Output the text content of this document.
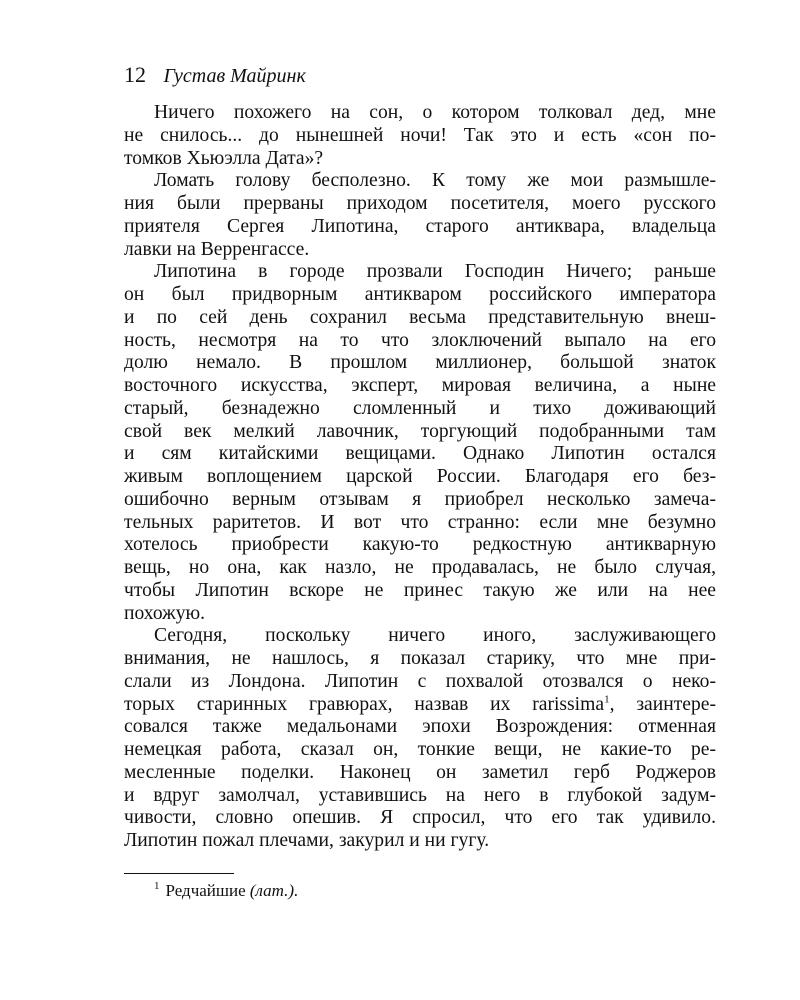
12 Густав Майринк
Ничего похожего на сон, о котором толковал дед, мне
не снилось... до нынешней ночи! Так это и есть «сон по-
томков Хьюэлла Дата»?
Ломать голову бесполезно. К тому же мои размышле-
ния были прерваны приходом посетителя, моего русского
приятеля Сергея Липотина, старого антиквара, владельца
лавки на Верренгассе.
Липотина в городе прозвали Господин Ничего; раньше
он был придворным антикваром российского императора
и по сей день сохранил весьма представительную внеш-
ность, несмотря на то что злоключений выпало на его
долю немало. В прошлом миллионер, большой знаток
восточного искусства, эксперт, мировая величина, а ныне
старый, безнадежно сломленный и тихо доживающий
свой век мелкий лавочник, торгующий подобранными там
и сям китайскими вещицами. Однако Липотин остался
живым воплощением царской России. Благодаря его без-
ошибочно верным отзывам я приобрел несколько замеча-
тельных раритетов. И вот что странно: если мне безумно
хотелось приобрести какую-то редкостную антикварную
вещь, но она, как назло, не продавалась, не было случая,
чтобы Липотин вскоре не принес такую же или на нее
похожую.
Сегодня, поскольку ничего иного, заслуживающего
внимания, не нашлось, я показал старику, что мне при-
слали из Лондона. Липотин с похвалой отозвался о неко-
торых старинных гравюрах, назвав их rarissima$^1$, заинтере-
совался также медальонами эпохи Возрождения: отменная
немецкая работа, сказал он, тонкие вещи, не какие-то ре-
месленные поделки. Наконец он заметил герб Роджеров
и вдруг замолчал, уставившись на него в глубокой задум-
чивости, словно опешив. Я спросил, что его так удивило.
Липотин пожал плечами, закурил и ни гугу.
$^1$ Редчайшие (лат.).
